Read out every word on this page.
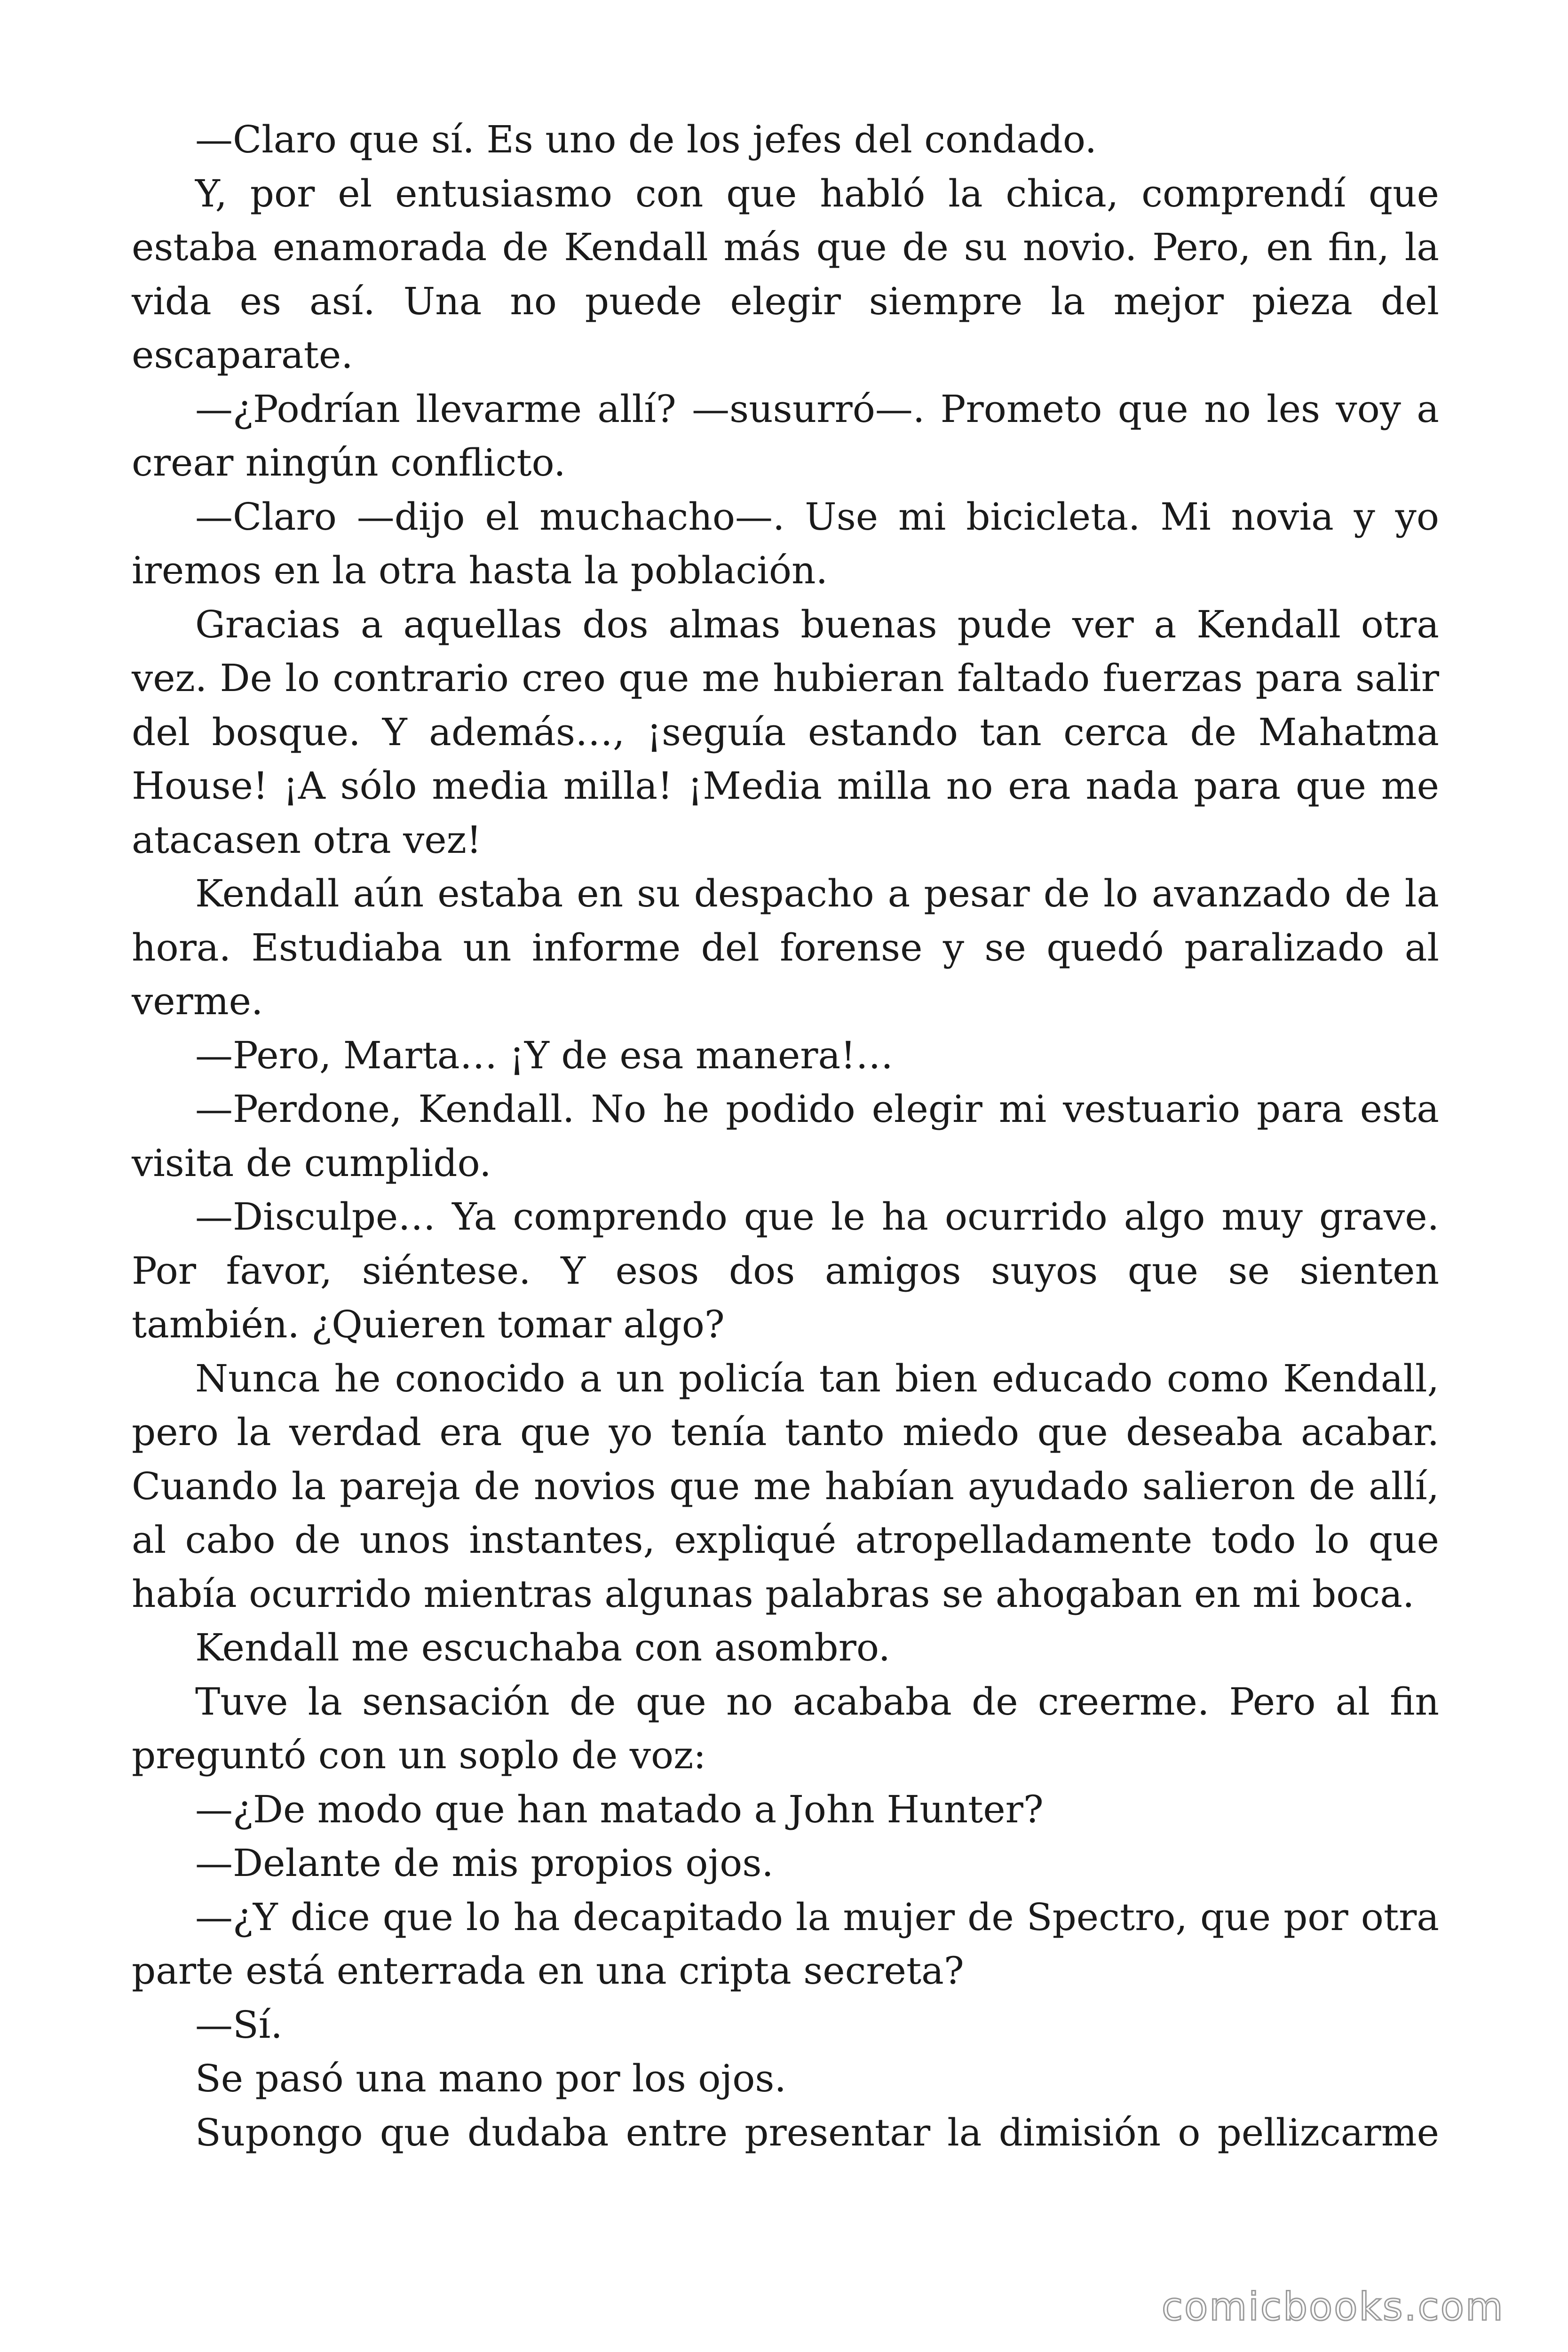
—Claro que sí. Es uno de los jefes del condado.

Y, por el entusiasmo con que habló la chica, comprendí que estaba enamorada de Kendall más que de su novio. Pero, en fin, la vida es así. Una no puede elegir siempre la mejor pieza del escaparate.

—¿Podrían llevarme allí? —susurró—. Prometo que no les voy a crear ningún conflicto.

—Claro —dijo el muchacho—. Use mi bicicleta. Mi novia y yo iremos en la otra hasta la población.

Gracias a aquellas dos almas buenas pude ver a Kendall otra vez. De lo contrario creo que me hubieran faltado fuerzas para salir del bosque. Y además…, ¡seguía estando tan cerca de Mahatma House! ¡A sólo media milla! ¡Media milla no era nada para que me atacasen otra vez!

Kendall aún estaba en su despacho a pesar de lo avanzado de la hora. Estudiaba un informe del forense y se quedó paralizado al verme.

—Pero, Marta… ¡Y de esa manera!…

—Perdone, Kendall. No he podido elegir mi vestuario para esta visita de cumplido.

—Disculpe… Ya comprendo que le ha ocurrido algo muy grave. Por favor, siéntese. Y esos dos amigos suyos que se sienten también. ¿Quieren tomar algo?

Nunca he conocido a un policía tan bien educado como Kendall, pero la verdad era que yo tenía tanto miedo que deseaba acabar. Cuando la pareja de novios que me habían ayudado salieron de allí, al cabo de unos instantes, expliqué atropelladamente todo lo que había ocurrido mientras algunas palabras se ahogaban en mi boca.

Kendall me escuchaba con asombro.

Tuve la sensación de que no acababa de creerme. Pero al fin preguntó con un soplo de voz:

—¿De modo que han matado a John Hunter?

—Delante de mis propios ojos.

—¿Y dice que lo ha decapitado la mujer de Spectro, que por otra parte está enterrada en una cripta secreta?

—Sí.

Se pasó una mano por los ojos.

Supongo que dudaba entre presentar la dimisión o pellizcarme

comicbooks.com
